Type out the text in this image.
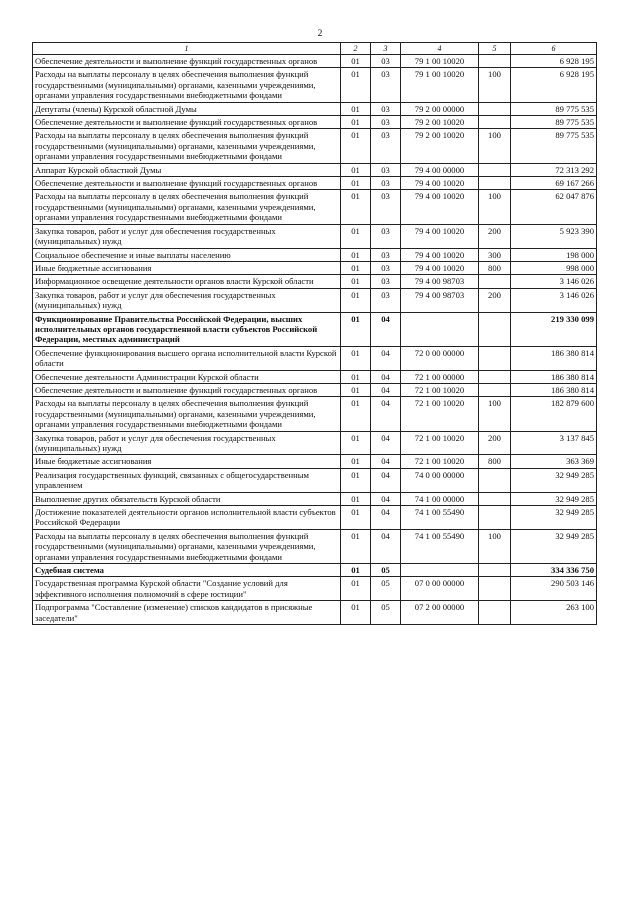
2
1	2	3	4	5	6
Обеспечение деятельности и выполнение функций государственных органов	01	03	79 1 00 10020		6 928 195
Расходы на выплаты персоналу в целях обеспечения выполнения функций государственными (муниципальными) органами, казенными учреждениями, органами управления государственными внебюджетными фондами	01	03	79 1 00 10020	100	6 928 195
Депутаты (члены) Курской областной Думы	01	03	79 2 00 00000		89 775 535
Обеспечение деятельности и выполнение функций государственных органов	01	03	79 2 00 10020		89 775 535
Расходы на выплаты персоналу в целях обеспечения выполнения функций государственными (муниципальными) органами, казенными учреждениями, органами управления государственными внебюджетными фондами	01	03	79 2 00 10020	100	89 775 535
Аппарат Курской областной Думы	01	03	79 4 00 00000		72 313 292
Обеспечение деятельности и выполнение функций государственных органов	01	03	79 4 00 10020		69 167 266
Расходы на выплаты персоналу в целях обеспечения выполнения функций государственными (муниципальными) органами, казенными учреждениями, органами управления государственными внебюджетными фондами	01	03	79 4 00 10020	100	62 047 876
Закупка товаров, работ и услуг для обеспечения государственных (муниципальных) нужд	01	03	79 4 00 10020	200	5 923 390
Социальное обеспечение и иные выплаты населению	01	03	79 4 00 10020	300	198 000
Иные бюджетные ассигнования	01	03	79 4 00 10020	800	998 000
Информационное освещение деятельности органов власти Курской области	01	03	79 4 00 98703		3 146 026
Закупка товаров, работ и услуг для обеспечения государственных (муниципальных) нужд	01	03	79 4 00 98703	200	3 146 026
Функционирование Правительства Российской Федерации, высших исполнительных органов государственной власти субъектов Российской Федерации, местных администраций	01	04			219 330 099
Обеспечение функционирования высшего органа исполнительной власти Курской области	01	04	72 0 00 00000		186 380 814
Обеспечение деятельности Администрации Курской области	01	04	72 1 00 00000		186 380 814
Обеспечение деятельности и выполнение функций государственных органов	01	04	72 1 00 10020		186 380 814
Расходы на выплаты персоналу в целях обеспечения выполнения функций государственными (муниципальными) органами, казенными учреждениями, органами управления государственными внебюджетными фондами	01	04	72 1 00 10020	100	182 879 600
Закупка товаров, работ и услуг для обеспечения государственных (муниципальных) нужд	01	04	72 1 00 10020	200	3 137 845
Иные бюджетные ассигнования	01	04	72 1 00 10020	800	363 369
Реализация государственных функций, связанных с общегосударственным управлением	01	04	74 0 00 00000		32 949 285
Выполнение других обязательств Курской области	01	04	74 1 00 00000		32 949 285
Достижение показателей деятельности органов исполнительной власти субъектов Российской Федерации	01	04	74 1 00 55490		32 949 285
Расходы на выплаты персоналу в целях обеспечения выполнения функций государственными (муниципальными) органами, казенными учреждениями, органами управления государственными внебюджетными фондами	01	04	74 1 00 55490	100	32 949 285
Судебная система	01	05			334 336 750
Государственная программа Курской области "Создание условий для эффективного исполнения полномочий в сфере юстиции"	01	05	07 0 00 00000		290 503 146
Подпрограмма "Составление (изменение) списков кандидатов в присяжные заседатели"	01	05	07 2 00 00000		263 100
